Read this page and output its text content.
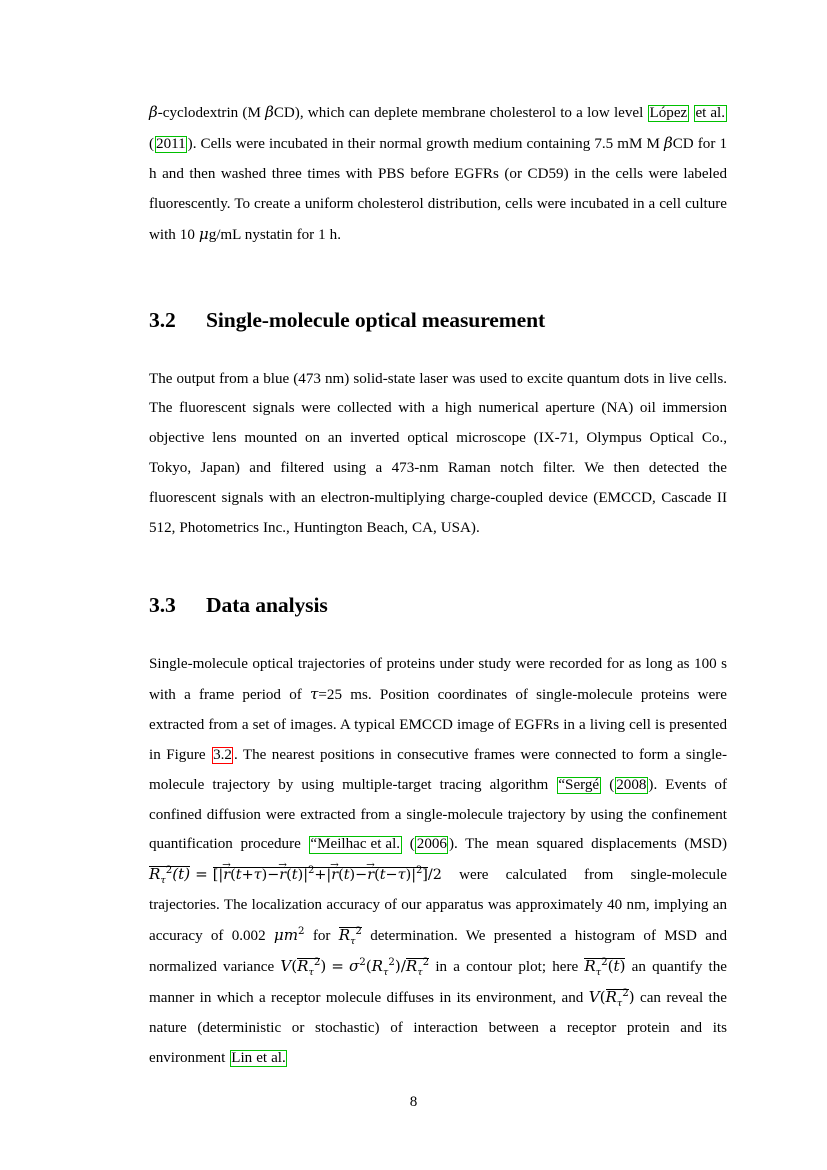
β-cyclodextrin (M βCD), which can deplete membrane cholesterol to a low level López et al. ( 2011 ). Cells were incubated in their normal growth medium containing 7.5 mM M βCD for 1 h and then washed three times with PBS before EGFRs (or CD59) in the cells were labeled fluorescently. To create a uniform cholesterol distribution, cells were incubated in a cell culture with 10 μg/mL nystatin for 1 h.

3.2 Single-molecule optical measurement

The output from a blue (473 nm) solid-state laser was used to excite quantum dots in live cells. The fluorescent signals were collected with a high numerical aperture (NA) oil immersion objective lens mounted on an inverted optical microscope (IX-71, Olympus Optical Co., Tokyo, Japan) and filtered using a 473-nm Raman notch filter. We then detected the fluorescent signals with an electron-multiplying charge-coupled device (EMCCD, Cascade II 512, Photometrics Inc., Huntington Beach, CA, USA).

3.3 Data analysis

Single-molecule optical trajectories of proteins under study were recorded for as long as 100 s with a frame period of τ=25 ms. Position coordinates of single-molecule proteins were extracted from a set of images. A typical EMCCD image of EGFRs in a living cell is presented in Figure 3.2 . The nearest positions in consecutive frames were connected to form a single-molecule trajectory by using multiple-target tracing algorithm “Sergé ( 2008 ). Events of confined diffusion were extracted from a single-molecule trajectory by using the confinement quantification procedure “Meilhac et al. ( 2006 ). The mean squared displacements (MSD) $R_\tau^2(t)$ = [|→ $r(t+\tau)-\to r(t)|^2+|\to r(t)-\to r(t-\tau)|^2]/2$ were calculated from single-molecule trajectories. The localization accuracy of our apparatus was approximately 40 nm, implying an accuracy of 0.002 $\mu m^2$ for $R_\tau^2$ determination. We presented a histogram of MSD and normalized variance $V(R_\tau^2) = \sigma^2(R_\tau^2)/R_\tau^2$ in a contour plot; here $R_\tau^2(t)$ an quantify the manner in which a receptor molecule diffuses in its environment, and $V(R_\tau^2)$ can reveal the nature (deterministic or stochastic) of interaction between a receptor protein and its environment Lin et al.

8
